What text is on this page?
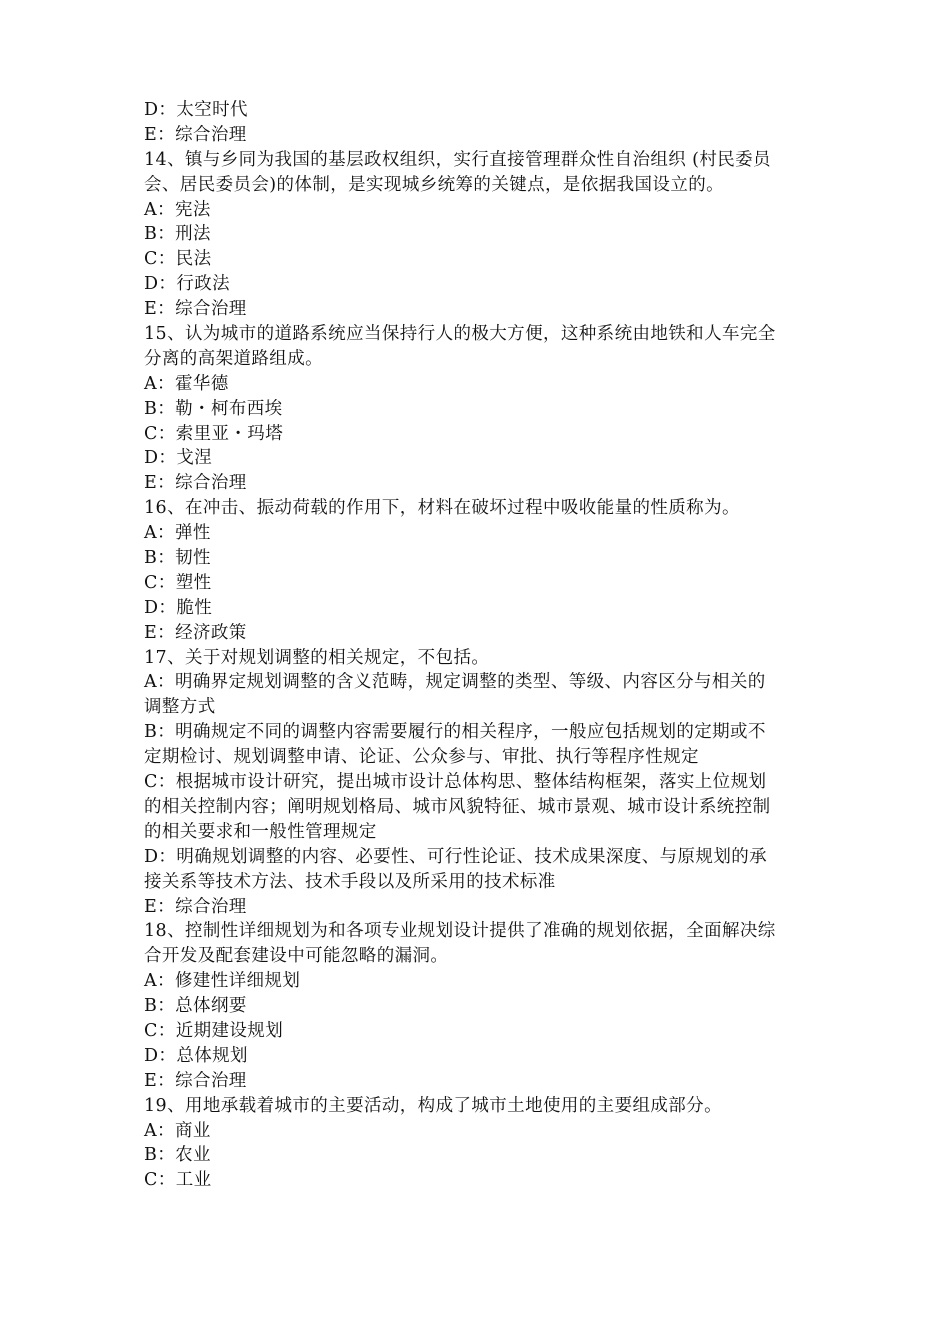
D：太空时代
E：综合治理
14、镇与乡同为我国的基层政权组织，实行直接管理群众性自治组织 (村民委员
会、居民委员会)的体制，是实现城乡统筹的关键点，是依据我国设立的。
A：宪法
B：刑法
C：民法
D：行政法
E：综合治理
15、认为城市的道路系统应当保持行人的极大方便，这种系统由地铁和人车完全
分离的高架道路组成。
A：霍华德
B：勒・柯布西埃
C：索里亚・玛塔
D：戈涅
E：综合治理
16、在冲击、振动荷载的作用下，材料在破坏过程中吸收能量的性质称为。
A：弹性
B：韧性
C：塑性
D：脆性
E：经济政策
17、关于对规划调整的相关规定，不包括。
A：明确界定规划调整的含义范畴，规定调整的类型、等级、内容区分与相关的
调整方式
B：明确规定不同的调整内容需要履行的相关程序，一般应包括规划的定期或不
定期检讨、规划调整申请、论证、公众参与、审批、执行等程序性规定
C：根据城市设计研究，提出城市设计总体构思、整体结构框架，落实上位规划
的相关控制内容；阐明规划格局、城市风貌特征、城市景观、城市设计系统控制
的相关要求和一般性管理规定
D：明确规划调整的内容、必要性、可行性论证、技术成果深度、与原规划的承
接关系等技术方法、技术手段以及所采用的技术标准
E：综合治理
18、控制性详细规划为和各项专业规划设计提供了准确的规划依据，全面解决综
合开发及配套建设中可能忽略的漏洞。
A：修建性详细规划
B：总体纲要
C：近期建设规划
D：总体规划
E：综合治理
19、用地承载着城市的主要活动，构成了城市土地使用的主要组成部分。
A：商业
B：农业
C：工业
